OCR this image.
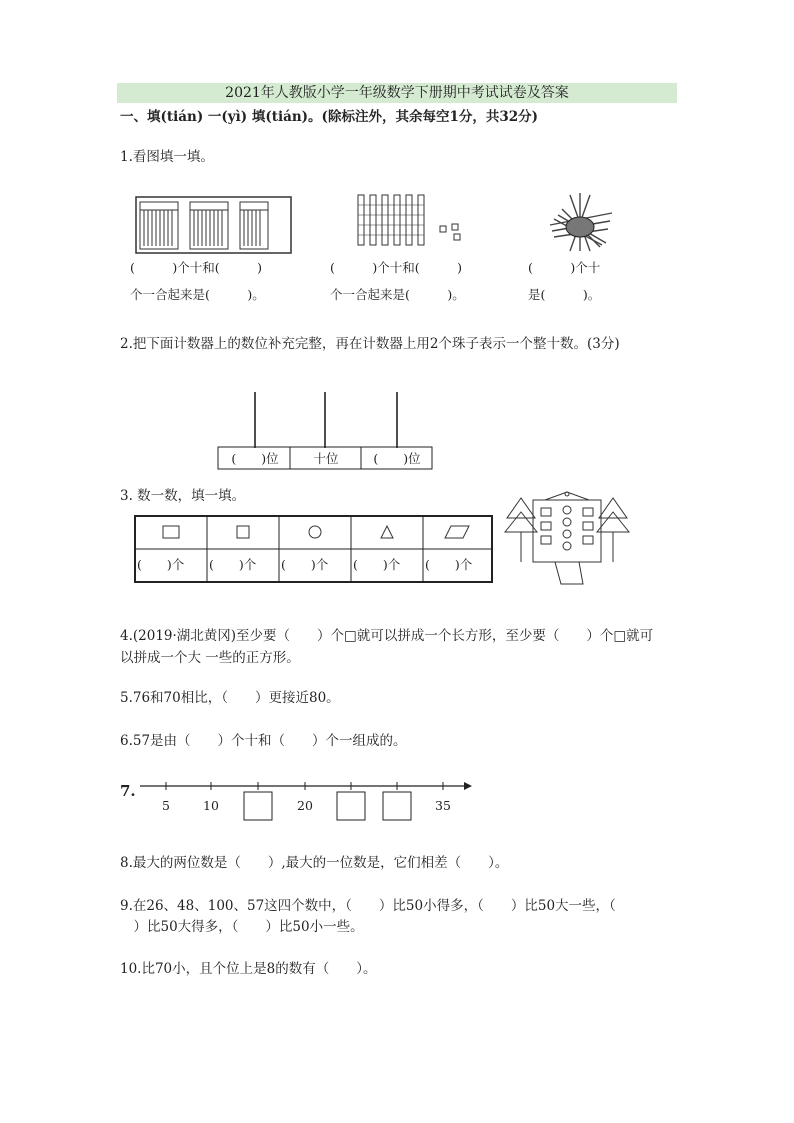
2021年人教版小学一年级数学下册期中考试试卷及答案
一、填(tián) 一(yì) 填(tián)。(除标注外，其余每空1分，共32分)
1.看图填一填。
(　　　)个十和(　　　)
个一合起来是(　　　)。
(　　　)个十和(　　　)
个一合起来是(　　　)。
(　　　)个十
是(　　　)。
2.把下面计数器上的数位补充完整，再在计数器上用2个珠子表示一个整十数。(3分)
(　　)位	十位	(　　)位
3. 数一数，填一填。
(　　)个	(　　)个	(　　)个	(　　)个	(　　)个
4.(2019·湖北黄冈)至少要（　　）个□就可以拼成一个长方形，至少要（　　）个□就可
以拼成一个大 一些的正方形。
5.76和70相比，（　　）更接近80。
6.57是由（　　）个十和（　　）个一组成的。
7.
5	10	20	35
8.最大的两位数是（　　）,最大的一位数是，它们相差（　　）。
9.在26、48、100、57这四个数中，（　　）比50小得多，（　　）比50大一些，（
　）比50大得多，（　　）比50小一些。
10.比70小，且个位上是8的数有（　　）。
